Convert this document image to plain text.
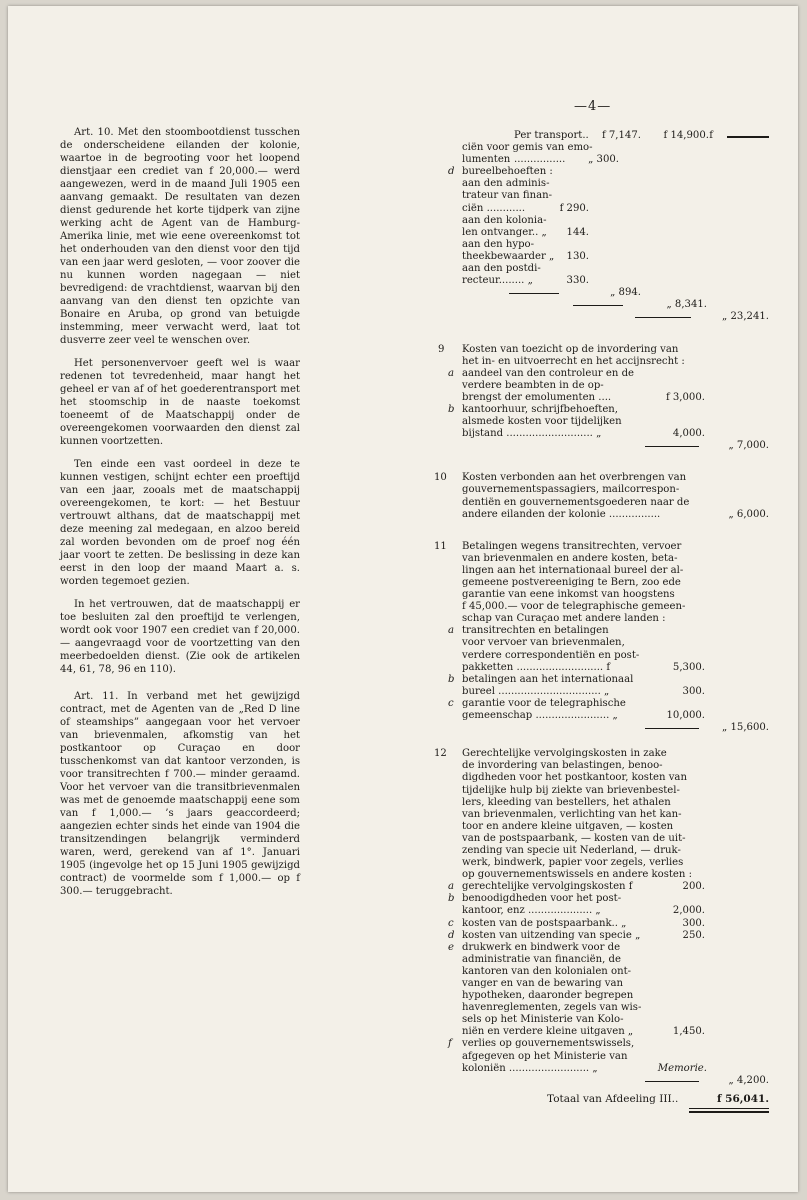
—4—

Art. 10. Met den stoombootdienst tusschen de onderscheidene eilanden der kolonie, waartoe in de begrooting voor het loopend dienstjaar een crediet van f 20,000.— werd aangewezen, werd in de maand Juli 1905 een aanvang gemaakt. De resultaten van dezen dienst gedurende het korte tijdperk van zijne werking acht de Agent van de Hamburg-Amerika linie, met wie eene overeenkomst tot het onderhouden van den dienst voor den tijd van een jaar werd gesloten, — voor zoover die nu kunnen worden nagegaan — niet bevredigend: de vrachtdienst, waarvan bij den aanvang van den dienst ten opzichte van Bonaire en Aruba, op grond van betuigde instemming, meer verwacht werd, laat tot dusverre zeer veel te wenschen over.

Het personenvervoer geeft wel is waar redenen tot tevredenheid, maar hangt het geheel er van af of het goederentransport met het stoomschip in de naaste toekomst toeneemt of de Maatschappij onder de overeengekomen voorwaarden den dienst zal kunnen voortzetten.

Ten einde een vast oordeel in deze te kunnen vestigen, schijnt echter een proeftijd van een jaar, zooals met de maatschappij overeengekomen, te kort: — het Bestuur vertrouwt althans, dat de maatschappij met deze meening zal medegaan, en alzoo bereid zal worden bevonden om de proef nog één jaar voort te zetten. De beslissing in deze kan eerst in den loop der maand Maart a. s. worden tegemoet gezien.

In het vertrouwen, dat de maatschappij er toe besluiten zal den proeftijd te verlengen, wordt ook voor 1907 een crediet van f 20,000.— aangevraagd voor de voortzetting van den meerbedoelden dienst. (Zie ook de artikelen 44, 61, 78, 96 en 110).

Art. 11. In verband met het gewijzigd contract, met de Agenten van de „Red D line of steamships” aangegaan voor het vervoer van brievenmalen, afkomstig van het postkantoor op Curaçao en door tusschenkomst van dat kantoor verzonden, is voor transitrechten f 700.— minder geraamd. Voor het vervoer van die transitbrievenmalen was met de genoemde maatschappij eene som van f 1,000.— ’s jaars geaccordeerd; aangezien echter sinds het einde van 1904 die transitzendingen belangrijk verminderd waren, werd, gerekend van af 1°. Januari 1905 (ingevolge het op 15 Juni 1905 gewijzigd contract) de voormelde som f 1,000.— op f 300.— teruggebracht.

Per transport.. f 7,147. f 14,900. f
ciën voor gemis van emo-
lumenten ................ „ 300.
d bureelbehoeften :
aan den adminis-
trateur van finan-
ciën ............	f 290.
aan den kolonia-
len ontvanger.. „ 144.
aan den hypo-
theekbewaarder „ 130.
aan den postdi-
recteur........ „	330.
„ 894.
„ 8,341.
„ 23,241.
9 Kosten van toezicht op de invordering van
het in- en uitvoerrecht en het accijnsrecht :
a aandeel van den controleur en de
verdere beambten in de op-
brengst der emolumenten ....	f 3,000.
b kantoorhuur, schrijfbehoeften,
alsmede kosten voor tijdelijken
bijstand ........................... „	4,000.
„ 7,000.
10 Kosten verbonden aan het overbrengen van
gouvernementspassagiers, mailcorrespon-
dentiën en gouvernementsgoederen naar de
andere eilanden der kolonie ................	„ 6,000.
11 Betalingen wegens transitrechten, vervoer
van brievenmalen en andere kosten, beta-
lingen aan het internationaal bureel der al-
gemeene postvereeniging te Bern, zoo ede
garantie van eene inkomst van hoogstens
f 45,000.— voor de telegraphische gemeen-
schap van Curaçao met andere landen :
a transitrechten en betalingen
voor vervoer van brievenmalen,
verdere correspondentiën en post-
pakketten ........................... f	5,300.
b betalingen aan het internationaal
bureel ................................ „	300.
c garantie voor de telegraphische
gemeenschap ....................... „	10,000.
„ 15,600.
12 Gerechtelijke vervolgingskosten in zake
de invordering van belastingen, benoo-
digdheden voor het postkantoor, kosten van
tijdelijke hulp bij ziekte van brievenbestel-
lers, kleeding van bestellers, het athalen
van brievenmalen, verlichting van het kan-
toor en andere kleine uitgaven, — kosten
van de postspaarbank, — kosten van de uit-
zending van specie uit Nederland, — druk-
werk, bindwerk, papier voor zegels, verlies
op gouvernementswissels en andere kosten :
a gerechtelijke vervolgingskosten f	200.
b benoodigdheden voor het post-
kantoor, enz .................... „	2,000.
c kosten van de postspaarbank.. „	300.
d kosten van uitzending van specie „	250.
e drukwerk en bindwerk voor de
administratie van financiën, de
kantoren van den kolonialen ont-
vanger en van de bewaring van
hypotheken, daaronder begrepen
havenreglementen, zegels van wis-
sels op het Ministerie van Kolo-
niën en verdere kleine uitgaven „	1,450.
f verlies op gouvernementswissels,
afgegeven op het Ministerie van
koloniën ......................... „	Memorie.
„ 4,200.
Totaal van Afdeeling III..	f 56,041.
